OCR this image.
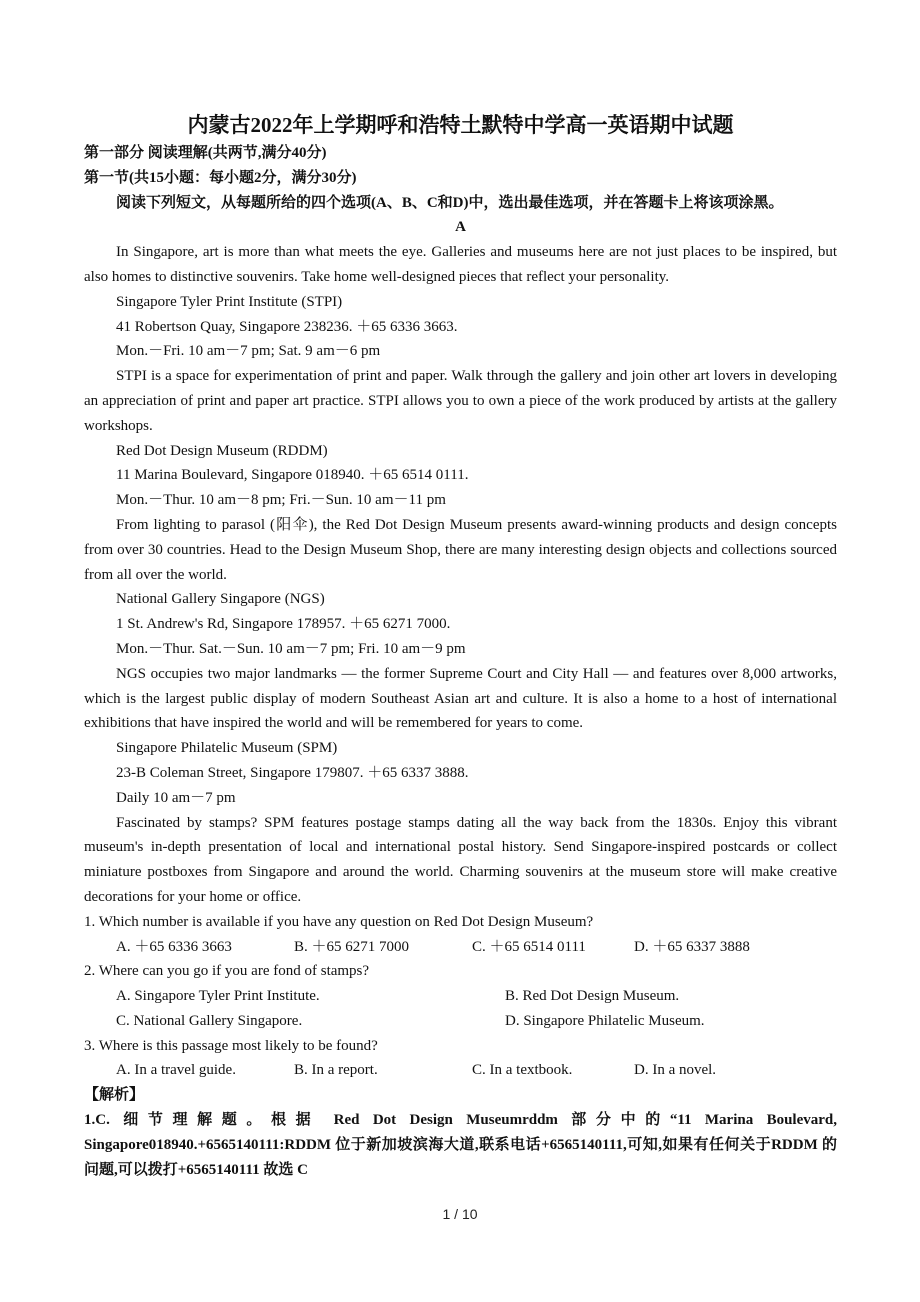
内蒙古2022年上学期呼和浩特土默特中学高一英语期中试题

第一部分 阅读理解(共两节,满分40分)

第一节(共15小题：每小题2分，满分30分)

阅读下列短文，从每题所给的四个选项(A、B、C和D)中，选出最佳选项，并在答题卡上将该项涂黑。

A

In Singapore, art is more than what meets the eye. Galleries and museums here are not just places to be inspired, but also homes to distinctive souvenirs. Take home well-designed pieces that reflect your personality.

Singapore Tyler Print Institute (STPI)

41 Robertson Quay, Singapore 238236. ＋65 6336 3663.

Mon.－Fri. 10 am－7 pm; Sat. 9 am－6 pm

STPI is a space for experimentation of print and paper. Walk through the gallery and join other art lovers in developing an appreciation of print and paper art practice. STPI allows you to own a piece of the work produced by artists at the gallery workshops.

Red Dot Design Museum (RDDM)

11 Marina Boulevard, Singapore 018940. ＋65 6514 0111.

Mon.－Thur. 10 am－8 pm; Fri.－Sun. 10 am－11 pm

From lighting to parasol (阳伞), the Red Dot Design Museum presents award-winning products and design concepts from over 30 countries. Head to the Design Museum Shop, there are many interesting design objects and collections sourced from all over the world.

National Gallery Singapore (NGS)

1 St. Andrew's Rd, Singapore 178957. ＋65 6271 7000.

Mon.－Thur. Sat.－Sun. 10 am－7 pm; Fri. 10 am－9 pm

NGS occupies two major landmarks — the former Supreme Court and City Hall — and features over 8,000 artworks, which is the largest public display of modern Southeast Asian art and culture. It is also a home to a host of international exhibitions that have inspired the world and will be remembered for years to come.

Singapore Philatelic Museum (SPM)

23-B Coleman Street, Singapore 179807. ＋65 6337 3888.

Daily 10 am－7 pm

Fascinated by stamps? SPM features postage stamps dating all the way back from the 1830s. Enjoy this vibrant museum's in-depth presentation of local and international postal history. Send Singapore-inspired postcards or collect miniature postboxes from Singapore and around the world. Charming souvenirs at the museum store will make creative decorations for your home or office.

1. Which number is available if you have any question on Red Dot Design Museum?

A. ＋65 6336 3663	B. ＋65 6271 7000	C. ＋65 6514 0111	D. ＋65 6337 3888

2. Where can you go if you are fond of stamps?

A. Singapore Tyler Print Institute.	B. Red Dot Design Museum.
C. National Gallery Singapore.	D. Singapore Philatelic Museum.

3. Where is this passage most likely to be found?

A. In a travel guide.	B. In a report.	C. In a textbook.	D. In a novel.

【解析】

1.C. 细节理解题。根据 Red Dot Design Museumrddm 部分中的“11 Marina Boulevard, Singapore018940.+6565140111:RDDM 位于新加坡滨海大道,联系电话+6565140111,可知,如果有任何关于RDDM 的问题,可以拨打+6565140111 故选 C

1 / 10
